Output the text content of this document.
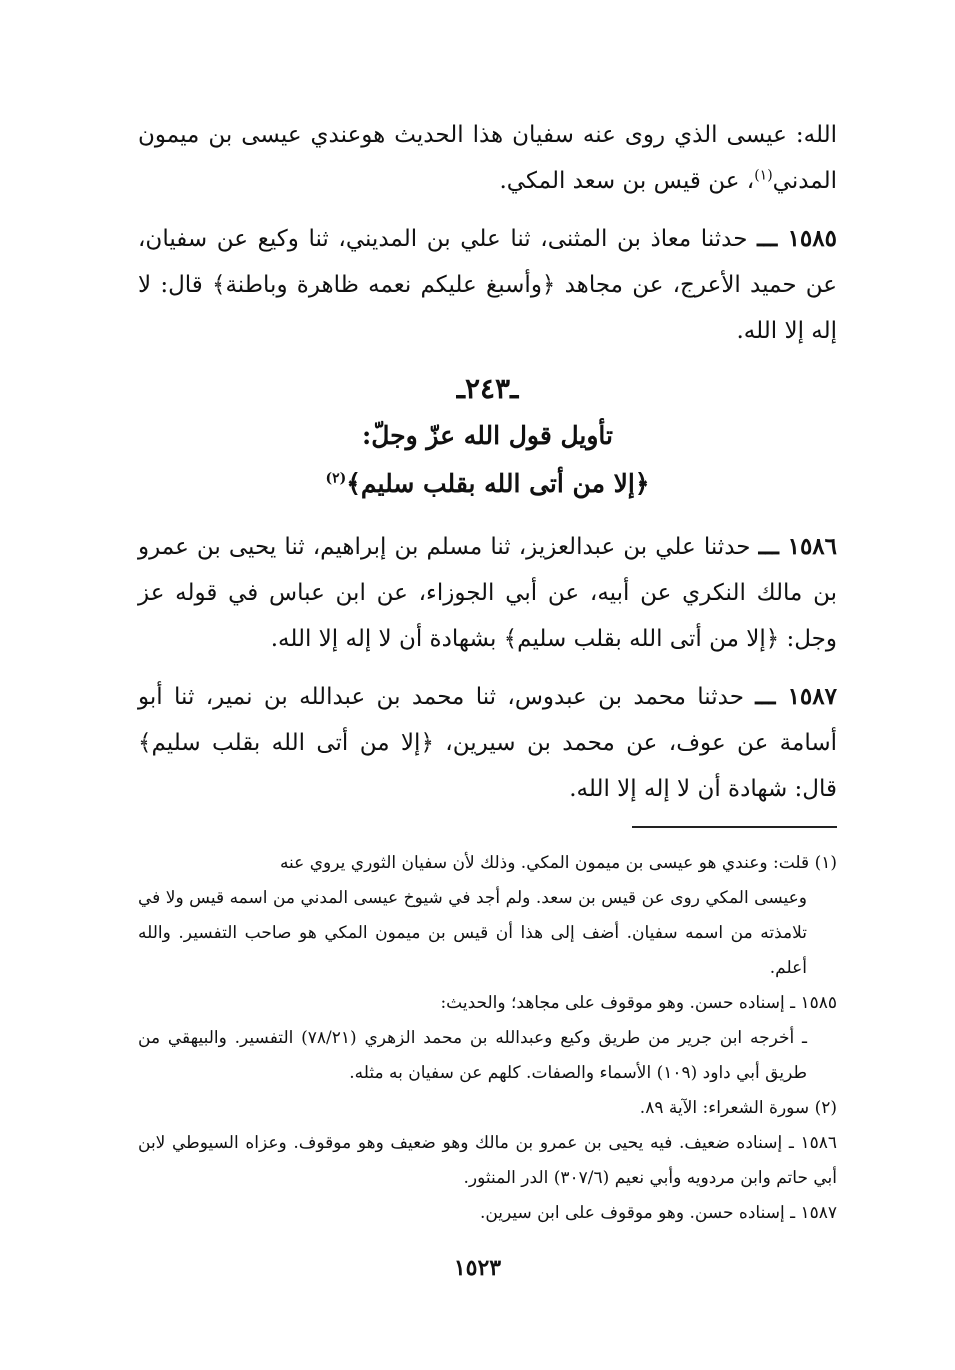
الله: عيسى الذي روى عنه سفيان هذا الحديث هوعندي عيسى بن ميمون المدني$^{(١)}$، عن قيس بن سعد المكي.

١٥٨٥ ـــ حدثنا معاذ بن المثنى، ثنا علي بن المديني، ثنا وكيع عن سفيان، عن حميد الأعرج، عن مجاهد ﴿وأسبغ عليكم نعمه ظاهرة وباطنة﴾ قال: لا إله إلا الله.

ـ٢٤٣ـ
تأويل قول الله عزّ وجلّ:
﴿إلا من أتى الله بقلب سليم﴾$^{(٢)}$

١٥٨٦ ـــ حدثنا علي بن عبدالعزيز، ثنا مسلم بن إبراهيم، ثنا يحيى بن عمرو بن مالك النكري عن أبيه، عن أبي الجوزاء، عن ابن عباس في قوله عز وجل: ﴿إلا من أتى الله بقلب سليم﴾ بشهادة أن لا إله إلا الله.

١٥٨٧ ـــ حدثنا محمد بن عبدوس، ثنا محمد بن عبدالله بن نمير، ثنا أبو أسامة عن عوف، عن محمد بن سيرين، ﴿إلا من أتى الله بقلب سليم﴾ قال: شهادة أن لا إله إلا الله.

(١) قلت: وعندي هو عيسى بن ميمون المكي. وذلك لأن سفيان الثوري يروي عنه

وعيسى المكي روى عن قيس بن سعد. ولم أجد في شيوخ عيسى المدني من اسمه قيس ولا في تلامذته من اسمه سفيان. أضف إلى هذا أن قيس بن ميمون المكي هو صاحب التفسير. والله أعلم.

١٥٨٥ ـ إسناده حسن. وهو موقوف على مجاهد؛ والحديث:

ـ أخرجه ابن جرير من طريق وكيع وعبدالله بن محمد الزهري (٧٨/٢١) التفسير. والبيهقي من طريق أبي داود (١٠٩) الأسماء والصفات. كلهم عن سفيان به مثله.

(٢) سورة الشعراء: الآية ٨٩.

١٥٨٦ ـ إسناده ضعيف. فيه يحيى بن عمرو بن مالك وهو ضعيف وهو موقوف. وعزاه السيوطي لابن أبي حاتم وابن مردويه وأبي نعيم (٣٠٧/٦) الدر المنثور.

١٥٨٧ ـ إسناده حسن. وهو موقوف على ابن سيرين.

١٥٢٣
